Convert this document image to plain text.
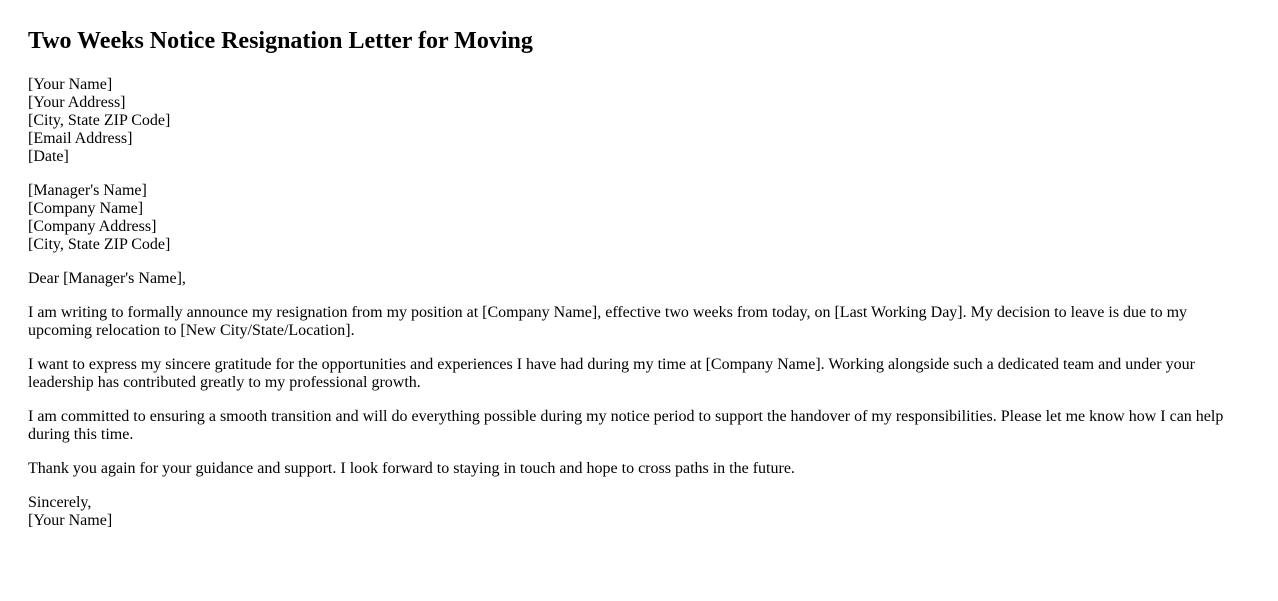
Two Weeks Notice Resignation Letter for Moving
[Your Name]
[Your Address]
[City, State ZIP Code]
[Email Address]
[Date]
[Manager's Name]
[Company Name]
[Company Address]
[City, State ZIP Code]

Dear [Manager's Name],

I am writing to formally announce my resignation from my position at [Company Name], effective two weeks from today, on [Last Working Day]. My decision to leave is due to my upcoming relocation to [New City/State/Location].

I want to express my sincere gratitude for the opportunities and experiences I have had during my time at [Company Name]. Working alongside such a dedicated team and under your leadership has contributed greatly to my professional growth.

I am committed to ensuring a smooth transition and will do everything possible during my notice period to support the handover of my responsibilities. Please let me know how I can help during this time.

Thank you again for your guidance and support. I look forward to staying in touch and hope to cross paths in the future.

Sincerely,
[Your Name]
